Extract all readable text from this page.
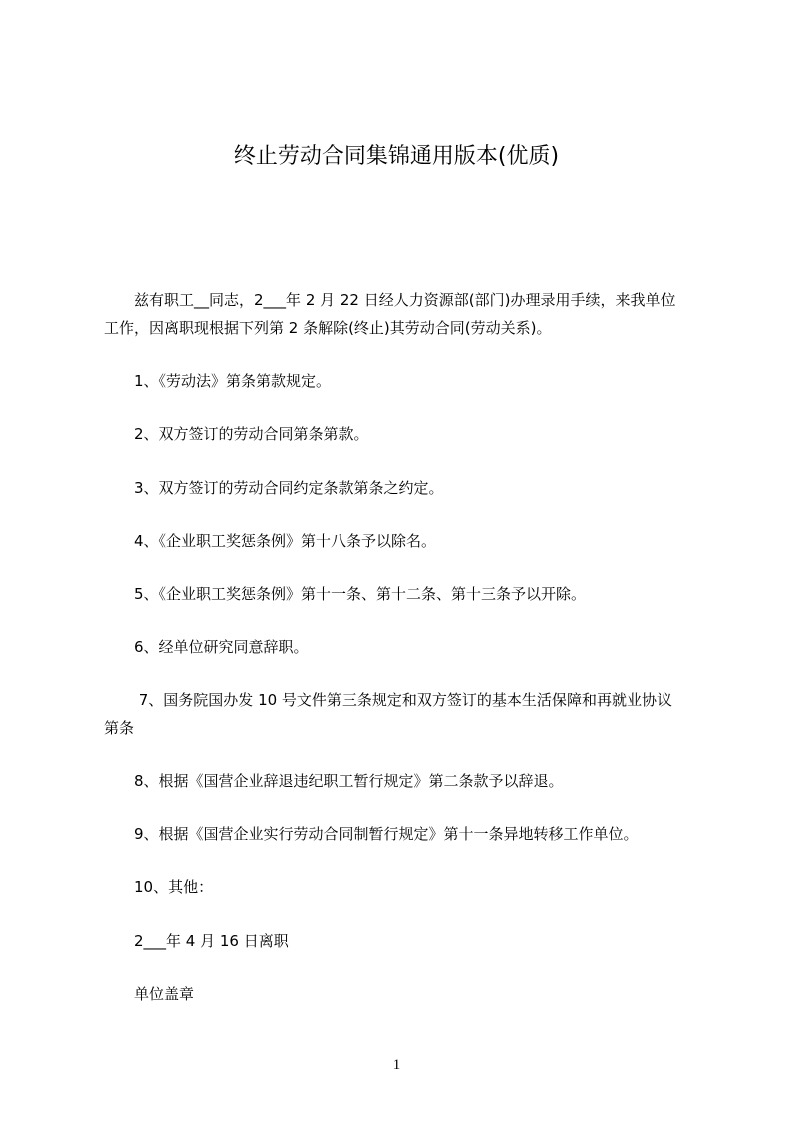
终止劳动合同集锦通用版本(优质)

　　兹有职工__同志，2___年 2 月 22 日经人力资源部(部门)办理录用手续，来我单位

工作，因离职现根据下列第 2 条解除(终止)其劳动合同(劳动关系)。

　　1、《劳动法》第条第款规定。

　　2、双方签订的劳动合同第条第款。

　　3、双方签订的劳动合同约定条款第条之约定。

　　4、《企业职工奖惩条例》第十八条予以除名。

　　5、《企业职工奖惩条例》第十一条、第十二条、第十三条予以开除。

　　6、经单位研究同意辞职。

　　 7、国务院国办发 10 号文件第三条规定和双方签订的基本生活保障和再就业协议

第条

　　8、根据《国营企业辞退违纪职工暂行规定》第二条款予以辞退。

　　9、根据《国营企业实行劳动合同制暂行规定》第十一条异地转移工作单位。

　　10、其他：

　　2___年 4 月 16 日离职

　　单位盖章

1
